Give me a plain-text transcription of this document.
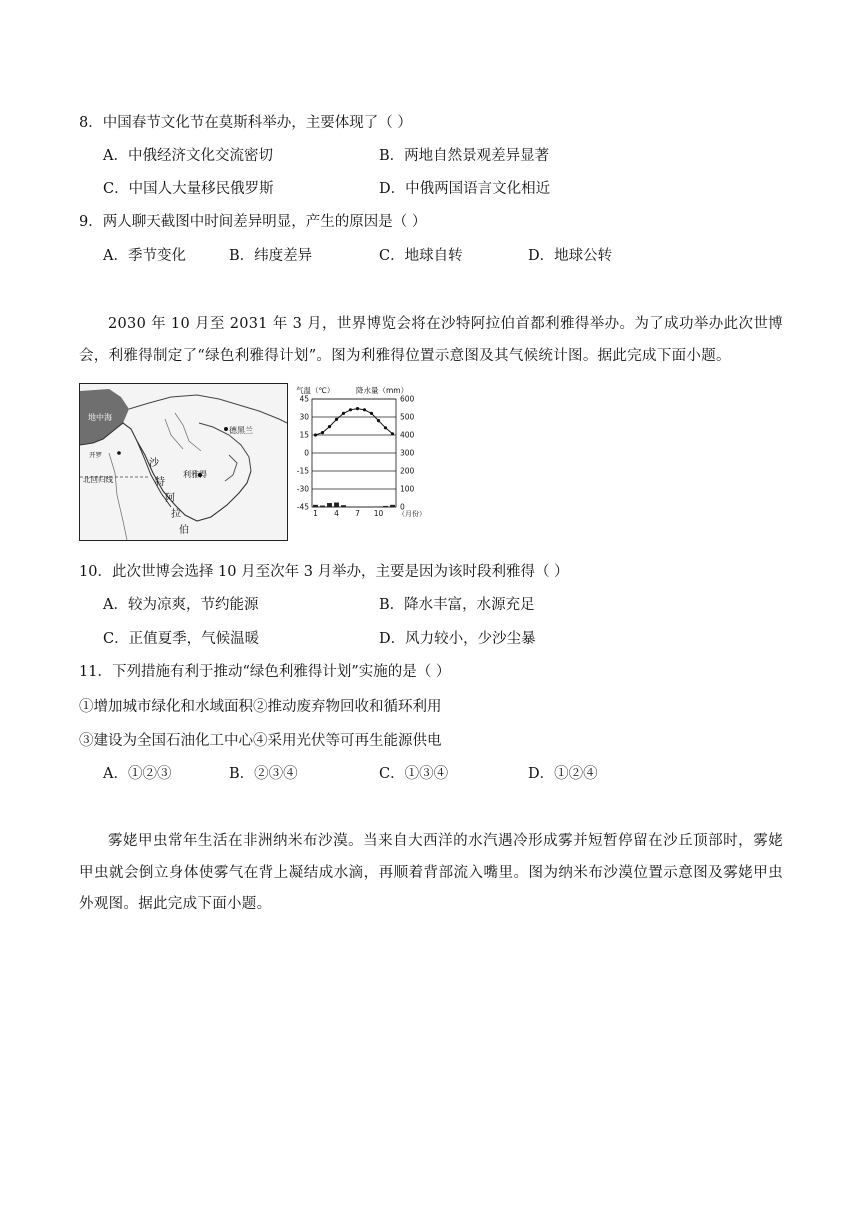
8．中国春节文化节在莫斯科举办，主要体现了（ ）
A．中俄经济文化交流密切	B．两地自然景观差异显著
C．中国人大量移民俄罗斯	D．中俄两国语言文化相近
9．两人聊天截图中时间差异明显，产生的原因是（ ）
A．季节变化	B．纬度差异	C．地球自转	D．地球公转
2030 年 10 月至 2031 年 3 月，世界博览会将在沙特阿拉伯首都利雅得举办。为了成功举办此次世博会，利雅得制定了“绿色利雅得计划”。图为利雅得位置示意图及其气候统计图。据此完成下面小题。
地中海
德黑兰
开罗
北回归线
利雅得
沙
特
阿
拉
伯
气温（℃）	降水量（mm）
45
30
15
0
-15
-30
-45
600
500
400
300
200
100
0
1 4 7 10 （月份）
10．此次世博会选择 10 月至次年 3 月举办，主要是因为该时段利雅得（ ）
A．较为凉爽，节约能源	B．降水丰富，水源充足
C．正值夏季，气候温暖	D．风力较小，少沙尘暴
11．下列措施有利于推动“绿色利雅得计划”实施的是（ ）
①增加城市绿化和水域面积②推动废弃物回收和循环利用
③建设为全国石油化工中心④采用光伏等可再生能源供电
A．①②③	B．②③④	C．①③④	D．①②④
雾姥甲虫常年生活在非洲纳米布沙漠。当来自大西洋的水汽遇冷形成雾并短暂停留在沙丘顶部时，雾姥甲虫就会倒立身体使雾气在背上凝结成水滴，再顺着背部流入嘴里。图为纳米布沙漠位置示意图及雾姥甲虫外观图。据此完成下面小题。
